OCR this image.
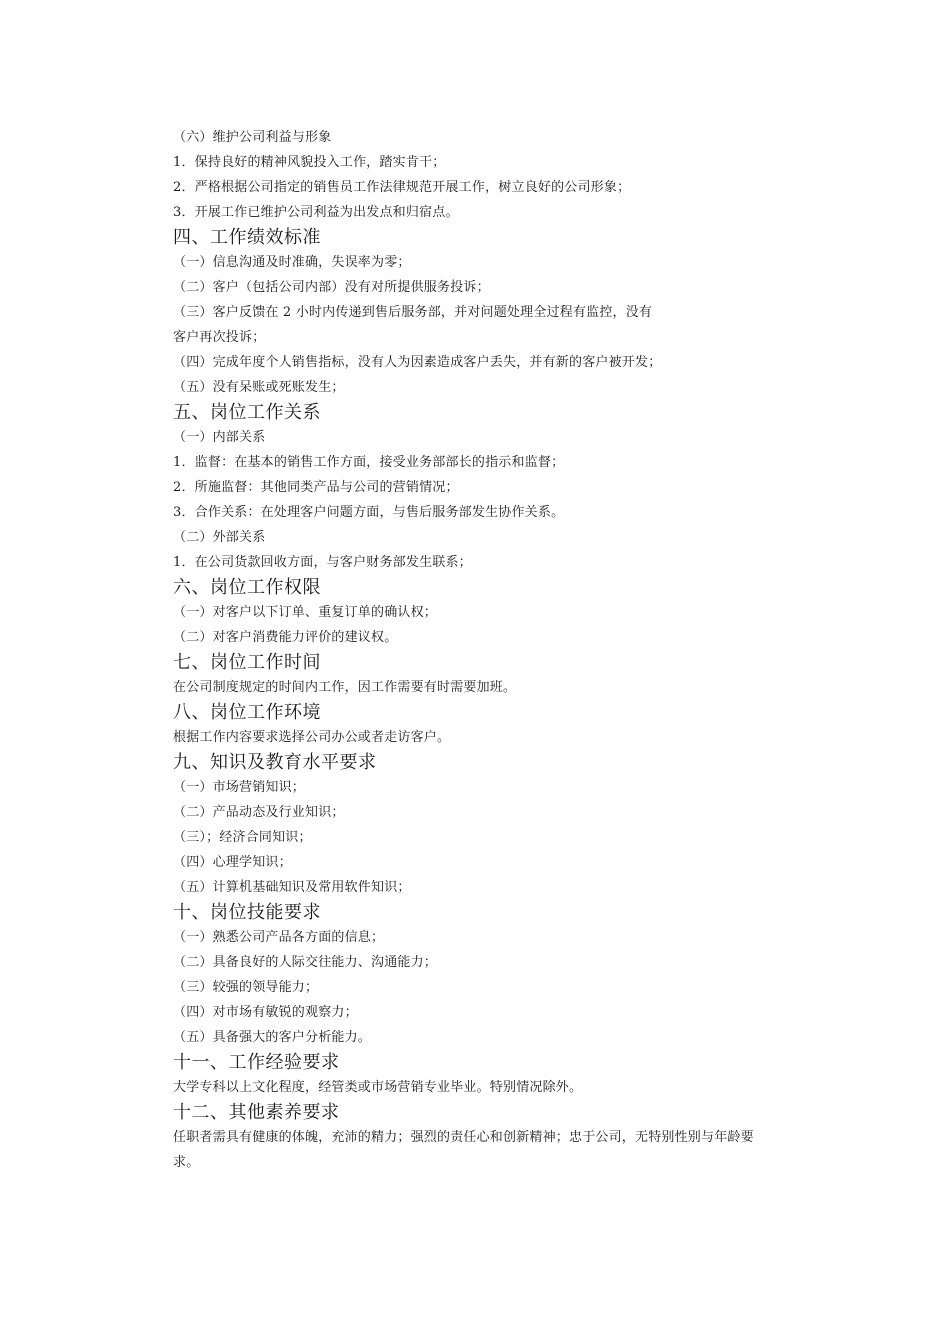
（六）维护公司利益与形象
1．保持良好的精神风貌投入工作，踏实肯干；
2．严格根据公司指定的销售员工作法律规范开展工作，树立良好的公司形象；
3．开展工作已维护公司利益为出发点和归宿点。
四、工作绩效标准
（一）信息沟通及时准确，失误率为零；
（二）客户（包括公司内部）没有对所提供服务投诉；
（三）客户反馈在 2 小时内传递到售后服务部，并对问题处理全过程有监控，没有
客户再次投诉；
（四）完成年度个人销售指标，没有人为因素造成客户丢失，并有新的客户被开发；
（五）没有呆账或死账发生；
五、岗位工作关系
（一）内部关系
1．监督：在基本的销售工作方面，接受业务部部长的指示和监督；
2．所施监督：其他同类产品与公司的营销情况；
3．合作关系：在处理客户问题方面，与售后服务部发生协作关系。
（二）外部关系
1．在公司货款回收方面，与客户财务部发生联系；
六、岗位工作权限
（一）对客户以下订单、重复订单的确认权；
（二）对客户消费能力评价的建议权。
七、岗位工作时间
在公司制度规定的时间内工作，因工作需要有时需要加班。
八、岗位工作环境
根据工作内容要求选择公司办公或者走访客户。
九、知识及教育水平要求
（一）市场营销知识；
（二）产品动态及行业知识；
（三）；经济合同知识；
（四）心理学知识；
（五）计算机基础知识及常用软件知识；
十、岗位技能要求
（一）熟悉公司产品各方面的信息；
（二）具备良好的人际交往能力、沟通能力；
（三）较强的领导能力；
（四）对市场有敏锐的观察力；
（五）具备强大的客户分析能力。
十一、工作经验要求
大学专科以上文化程度，经管类或市场营销专业毕业。特别情况除外。
十二、其他素养要求
任职者需具有健康的体魄，充沛的精力；强烈的责任心和创新精神；忠于公司，无特别性别与年龄要
求。
